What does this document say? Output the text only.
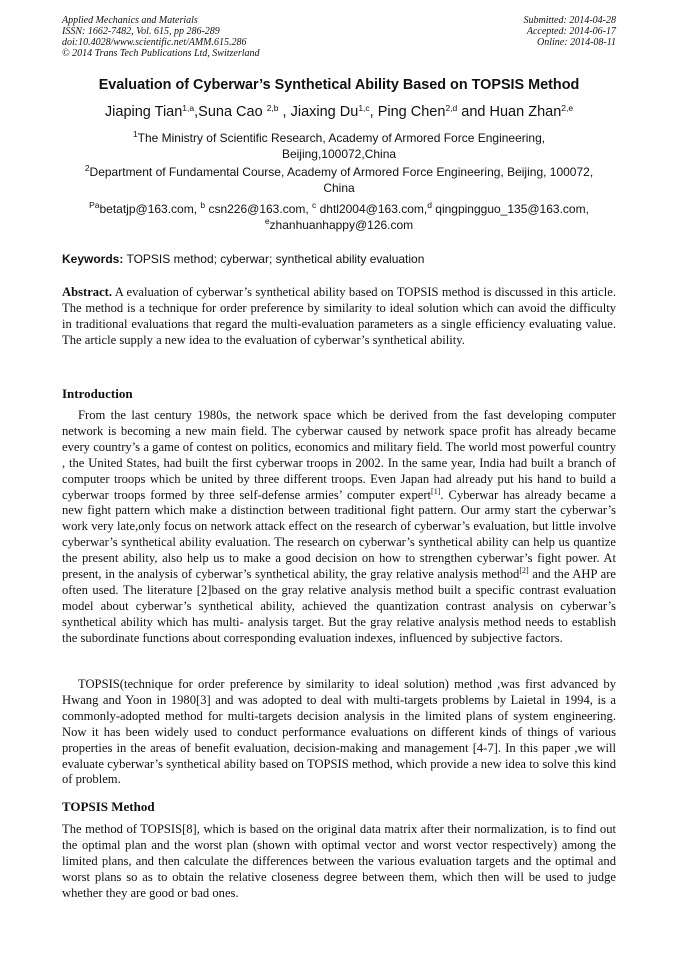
Applied Mechanics and Materials
ISSN: 1662-7482, Vol. 615, pp 286-289
doi:10.4028/www.scientific.net/AMM.615.286
© 2014 Trans Tech Publications Ltd, Switzerland
Submitted: 2014-04-28
Accepted: 2014-06-17
Online: 2014-08-11
Evaluation of Cyberwar’s Synthetical Ability Based on TOPSIS Method
Jiaping Tian$^{1,a}$,Suna Cao $^{2,b}$ , Jiaxing Du$^{1,c}$, Ping Chen$^{2,d}$ and Huan Zhan$^{2,e}$
$^1$The Ministry of Scientific Research, Academy of Armored Force Engineering,
Beijing,100072,China
$^2$Department of Fundamental Course, Academy of Armored Force Engineering, Beijing, 100072,
China
$^{Pa}$betatjp@163.com, $^b$ csn226@163.com, $^c$ dhtl2004@163.com,$^d$ qingpingguo_135@163.com,
$^e$zhanhuanhappy@126.com
Keywords: TOPSIS method; cyberwar; synthetical ability evaluation
Abstract. A evaluation of cyberwar’s synthetical ability based on TOPSIS method is discussed in this article. The method is a technique for order preference by similarity to ideal solution which can avoid the difficulty in traditional evaluations that regard the multi-evaluation parameters as a single efficiency evaluating value. The article supply a new idea to the evaluation of cyberwar’s synthetical ability.
Introduction
From the last century 1980s, the network space which be derived from the fast developing computer network is becoming a new main field. The cyberwar caused by network space profit has already became every country’s a game of contest on politics, economics and military field. The world most powerful country , the United States, had built the first cyberwar troops in 2002. In the same year, India had built a branch of computer troops which be united by three different troops. Even Japan had already put his hand to build a cyberwar troops formed by three self-defense armies’ computer expert[1]. Cyberwar has already became a new fight pattern which make a distinction between traditional fight pattern. Our army start the cyberwar’s work very late,only focus on network attack effect on the research of cyberwar’s evaluation, but little involve cyberwar’s synthetical ability evaluation. The research on cyberwar’s synthetical ability can help us quantize the present ability, also help us to make a good decision on how to strengthen cyberwar’s fight power. At present, in the analysis of cyberwar’s synthetical ability, the gray relative analysis method[2] and the AHP are often used. The literature [2]based on the gray relative analysis method built a specific contrast evaluation model about cyberwar’s synthetical ability, achieved the quantization contrast analysis on cyberwar’s synthetical ability which has multi- analysis target. But the gray relative analysis method needs to establish the subordinate functions about corresponding evaluation indexes, influenced by subjective factors.
TOPSIS(technique for order preference by similarity to ideal solution) method ,was first advanced by Hwang and Yoon in 1980[3] and was adopted to deal with multi-targets problems by Laietal in 1994, is a commonly-adopted method for multi-targets decision analysis in the limited plans of system engineering. Now it has been widely used to conduct performance evaluations on different kinds of things of various properties in the areas of benefit evaluation, decision-making and management [4-7]. In this paper ,we will evaluate cyberwar’s synthetical ability based on TOPSIS method, which provide a new idea to solve this kind of problem.
TOPSIS Method
The method of TOPSIS[8], which is based on the original data matrix after their normalization, is to find out the optimal plan and the worst plan (shown with optimal vector and worst vector respectively) among the limited plans, and then calculate the differences between the various evaluation targets and the optimal and worst plans so as to obtain the relative closeness degree between them, which then will be used to judge whether they are good or bad ones.
